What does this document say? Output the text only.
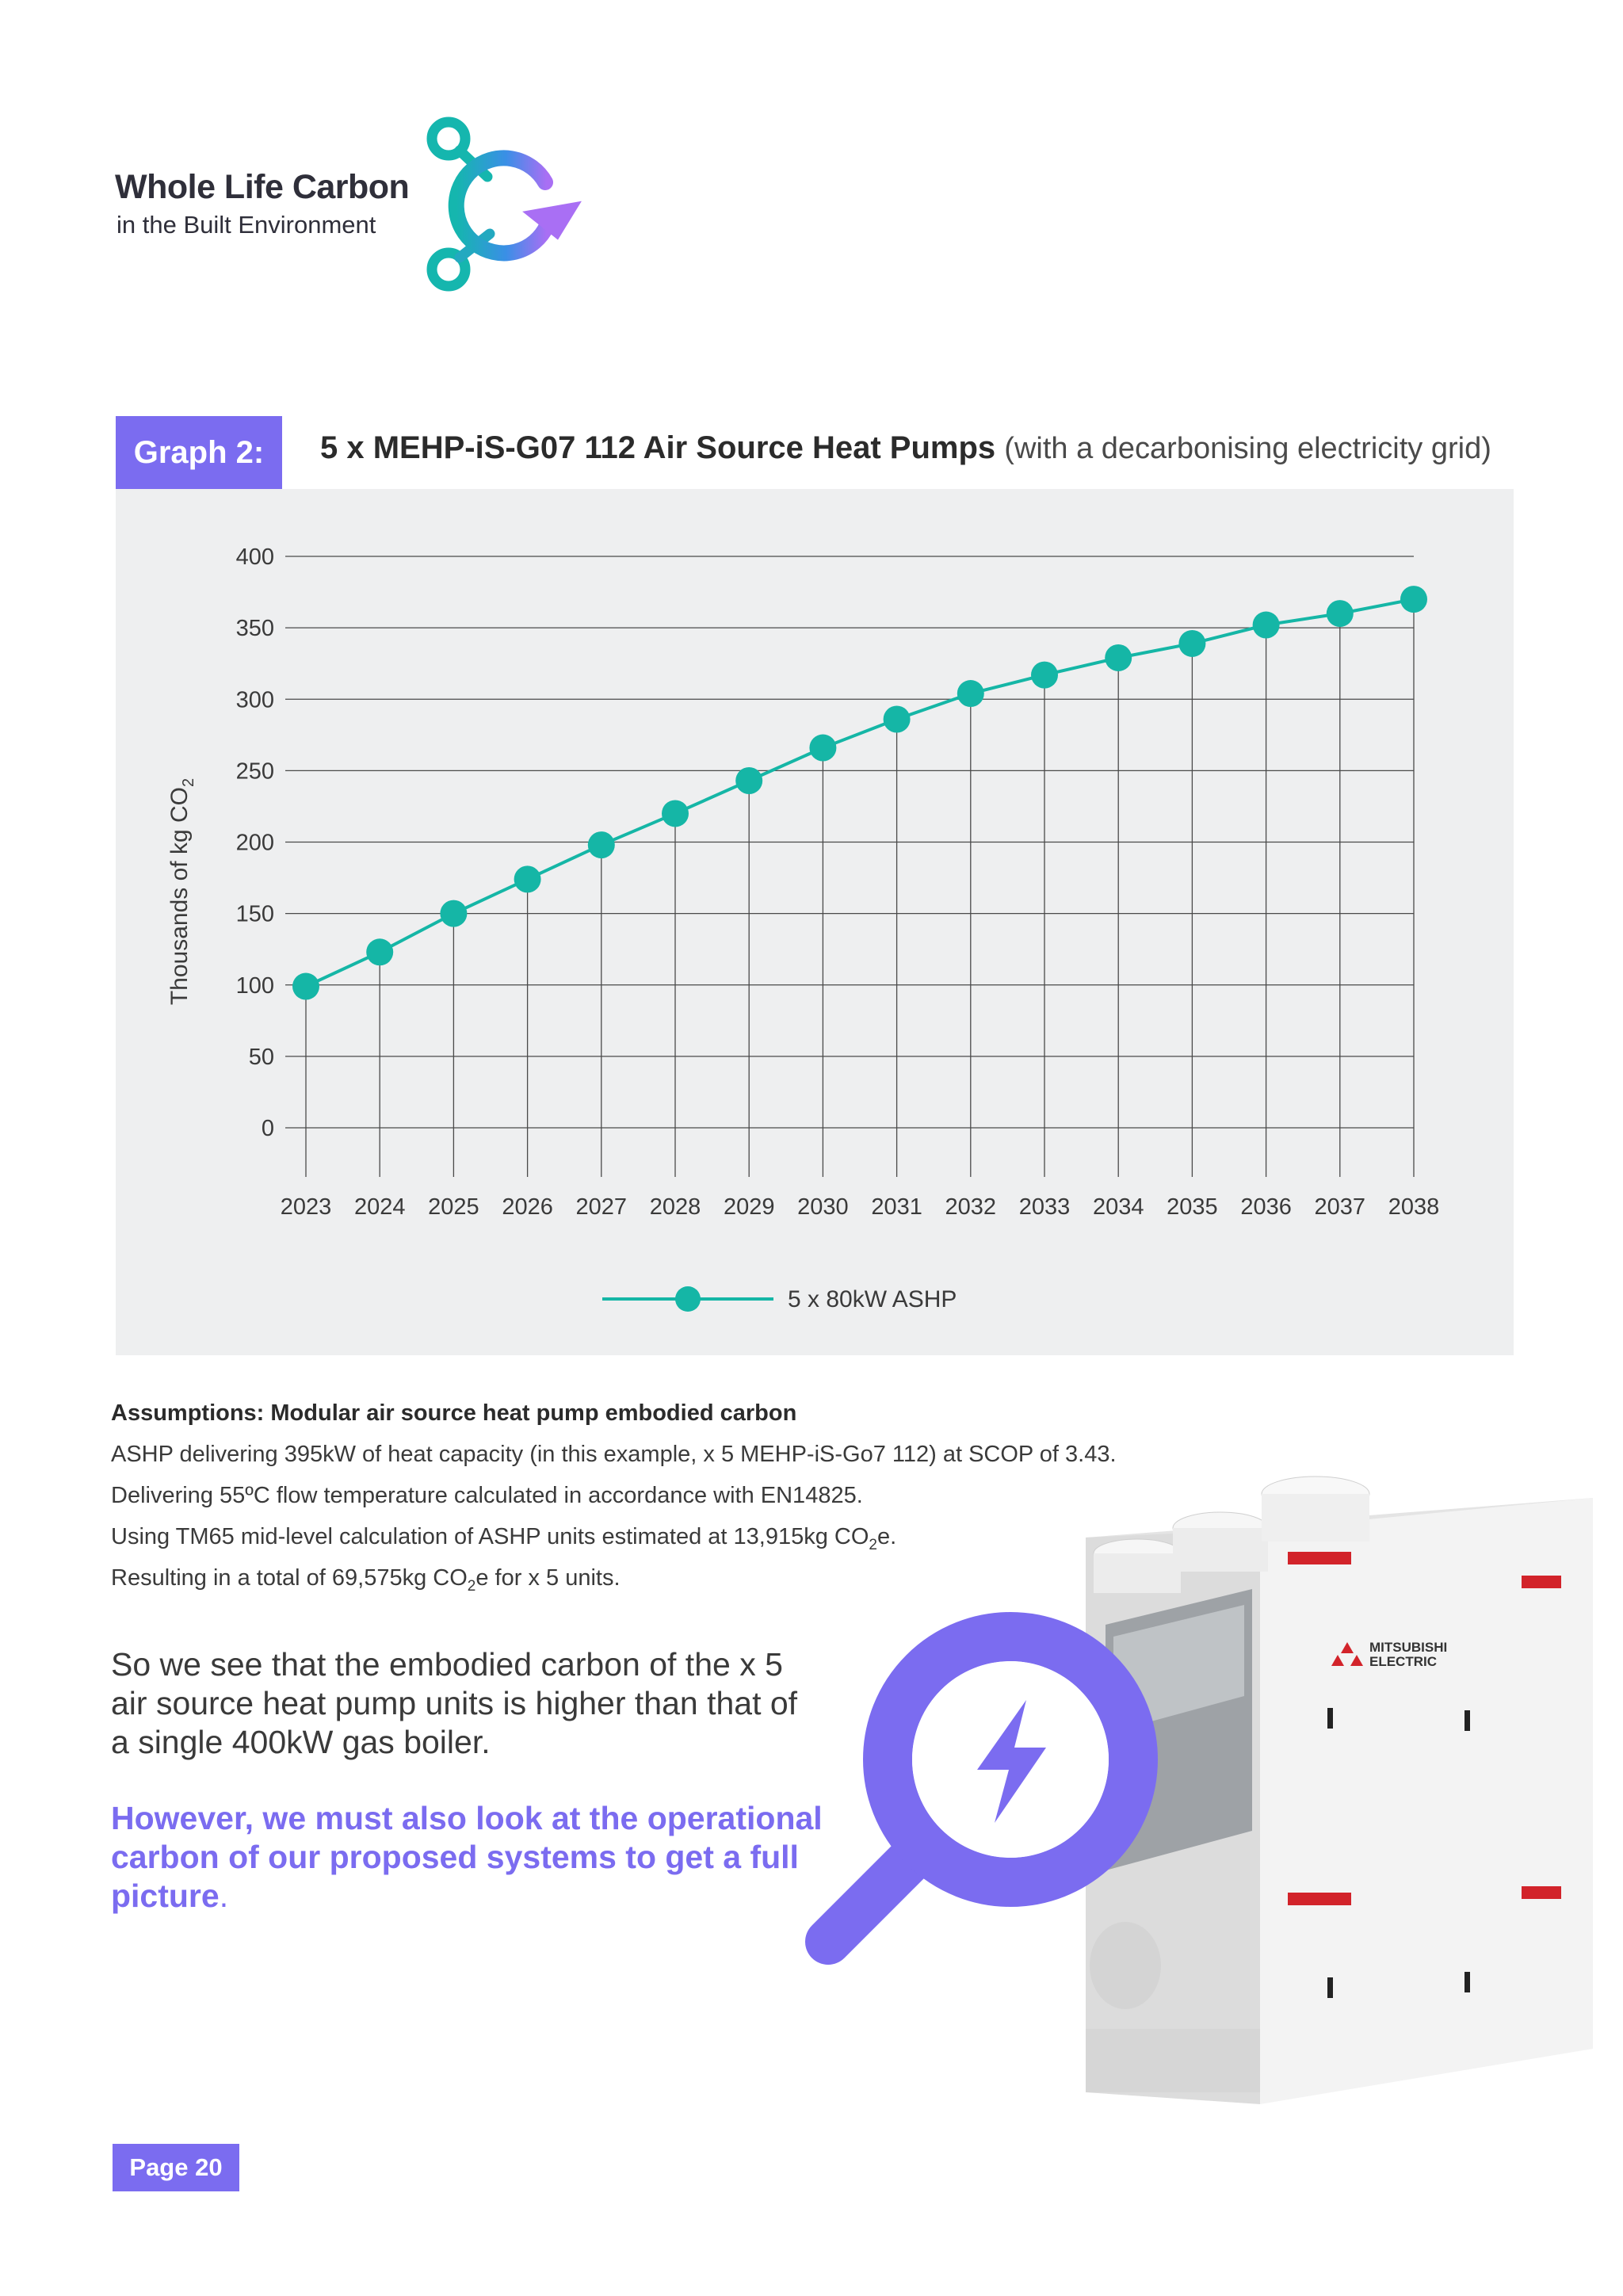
Whole Life Carbon
in the Built Environment
Graph 2:	5 x MEHP-iS-G07 112 Air Source Heat Pumps (with a decarbonising electricity grid)
0
50
100
150
200
250
300
350
400
2023 2024 2025 2026 2027 2028 2029 2030 2031 2032 2033 2034 2035 2036 2037 2038
Thousands of kg $CO_2$
5 x 80kW ASHP
Assumptions: Modular air source heat pump embodied carbon
ASHP delivering 395kW of heat capacity (in this example, x 5 MEHP-iS-Go7 112) at SCOP of 3.43.
Delivering 55ºC flow temperature calculated in accordance with EN14825.
Using TM65 mid-level calculation of ASHP units estimated at 13,915kg $CO_2e$.
Resulting in a total of 69,575kg $CO_2e$ for x 5 units.
So we see that the embodied carbon of the x 5 air source heat pump units is higher than that of a single 400kW gas boiler.
However, we must also look at the operational carbon of our proposed systems to get a full picture.
MITSUBISHI
ELECTRIC
Page 20
